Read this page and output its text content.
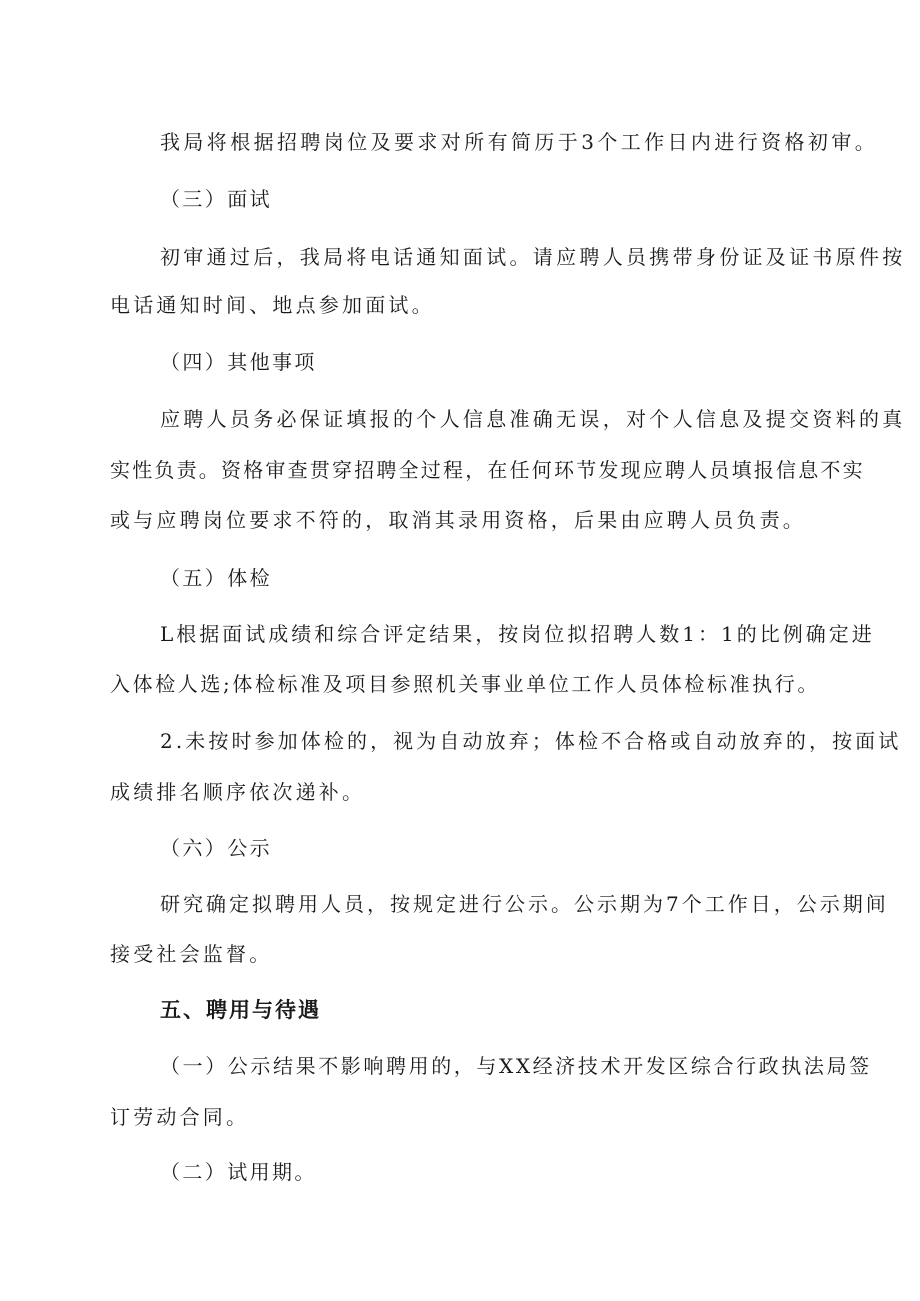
我局将根据招聘岗位及要求对所有简历于3个工作日内进行资格初审。
（三）面试
初审通过后，我局将电话通知面试。请应聘人员携带身份证及证书原件按
电话通知时间、地点参加面试。
（四）其他事项
应聘人员务必保证填报的个人信息准确无误，对个人信息及提交资料的真
实性负责。资格审查贯穿招聘全过程，在任何环节发现应聘人员填报信息不实
或与应聘岗位要求不符的，取消其录用资格，后果由应聘人员负责。
（五）体检
L根据面试成绩和综合评定结果，按岗位拟招聘人数1：1的比例确定进
入体检人选;体检标准及项目参照机关事业单位工作人员体检标准执行。
2.未按时参加体检的，视为自动放弃；体检不合格或自动放弃的，按面试
成绩排名顺序依次递补。
（六）公示
研究确定拟聘用人员，按规定进行公示。公示期为7个工作日，公示期间
接受社会监督。
五、聘用与待遇
（一）公示结果不影响聘用的，与XX经济技术开发区综合行政执法局签
订劳动合同。
（二）试用期。
